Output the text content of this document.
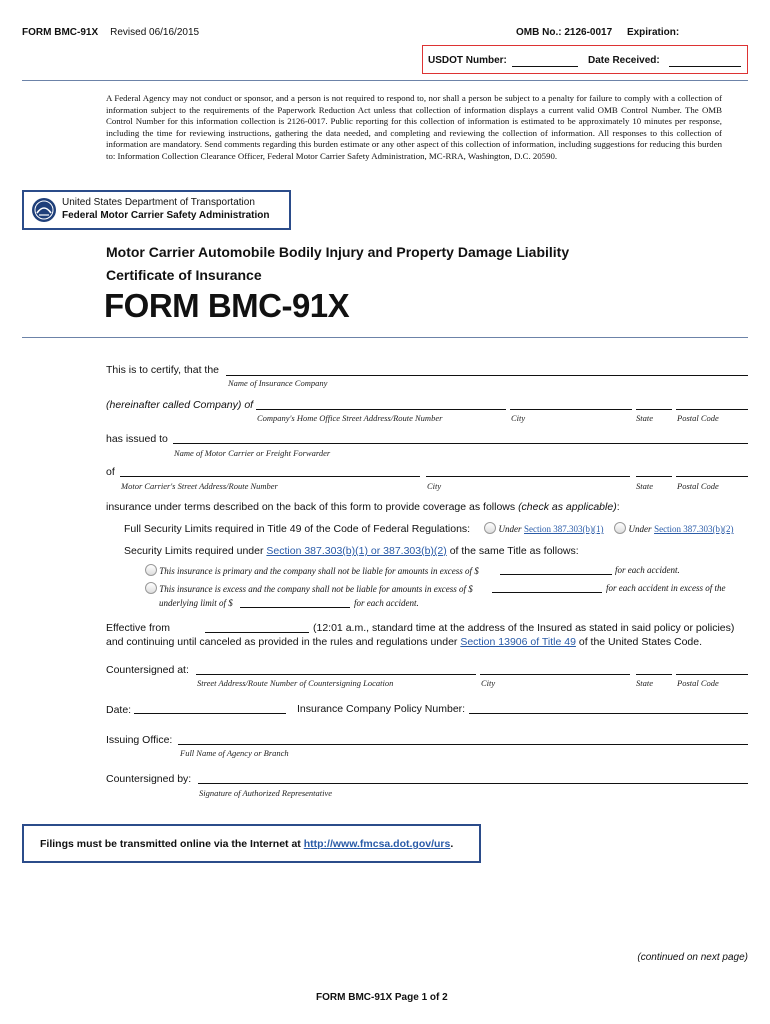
FORM BMC-91X Revised 06/16/2015	OMB No.: 2126-0017 Expiration:
USDOT Number:	Date Received:
A Federal Agency may not conduct or sponsor, and a person is not required to respond to, nor shall a person be subject to a penalty for failure to comply with a collection of information subject to the requirements of the Paperwork Reduction Act unless that collection of information displays a current valid OMB Control Number. The OMB Control Number for this information collection is 2126-0017. Public reporting for this collection of information is estimated to be approximately 10 minutes per response, including the time for reviewing instructions, gathering the data needed, and completing and reviewing the collection of information. All responses to this collection of information are mandatory. Send comments regarding this burden estimate or any other aspect of this collection of information, including suggestions for reducing this burden to: Information Collection Clearance Officer, Federal Motor Carrier Safety Administration, MC-RRA, Washington, D.C. 20590.
United States Department of Transportation
Federal Motor Carrier Safety Administration
Motor Carrier Automobile Bodily Injury and Property Damage Liability
Certificate of Insurance
FORM BMC-91X
This is to certify, that the
Name of Insurance Company
(hereinafter called Company) of
Company's Home Office Street Address/Route Number	City	State	Postal Code
has issued to
Name of Motor Carrier or Freight Forwarder
of
Motor Carrier's Street Address/Route Number	City	State	Postal Code
insurance under terms described on the back of this form to provide coverage as follows (check as applicable):
Full Security Limits required in Title 49 of the Code of Federal Regulations:	Under Section 387.303(b)(1)	Under Section 387.303(b)(2)
Security Limits required under Section 387.303(b)(1) or 387.303(b)(2) of the same Title as follows:
This insurance is primary and the company shall not be liable for amounts in excess of $	for each accident.
This insurance is excess and the company shall not be liable for amounts in excess of $	for each accident in excess of the
underlying limit of $	for each accident.
Effective from	(12:01 a.m., standard time at the address of the Insured as stated in said policy or policies)
and continuing until canceled as provided in the rules and regulations under Section 13906 of Title 49 of the United States Code.
Countersigned at:
Street Address/Route Number of Countersigning Location	City	State	Postal Code
Date:	Insurance Company Policy Number:
Issuing Office:
Full Name of Agency or Branch
Countersigned by:
Signature of Authorized Representative
Filings must be transmitted online via the Internet at http://www.fmcsa.dot.gov/urs.
(continued on next page)
FORM BMC-91X Page 1 of 2
